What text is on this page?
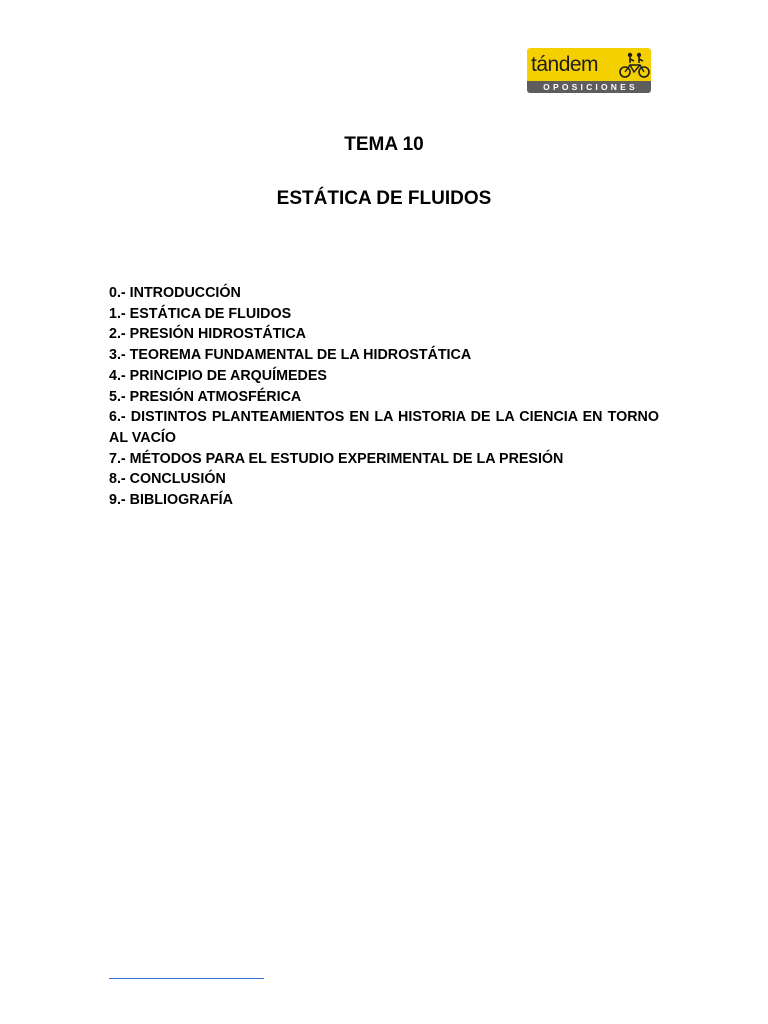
tándem
OPOSICIONES
TEMA 10
ESTÁTICA DE FLUIDOS
0.- INTRODUCCIÓN
1.- ESTÁTICA DE FLUIDOS
2.- PRESIÓN HIDROSTÁTICA
3.- TEOREMA FUNDAMENTAL DE LA HIDROSTÁTICA
4.- PRINCIPIO DE ARQUÍMEDES
5.- PRESIÓN ATMOSFÉRICA
6.- DISTINTOS PLANTEAMIENTOS EN LA HISTORIA DE LA CIENCIA EN TORNO AL VACÍO
7.- MÉTODOS PARA EL ESTUDIO EXPERIMENTAL DE LA PRESIÓN
8.- CONCLUSIÓN
9.- BIBLIOGRAFÍA
